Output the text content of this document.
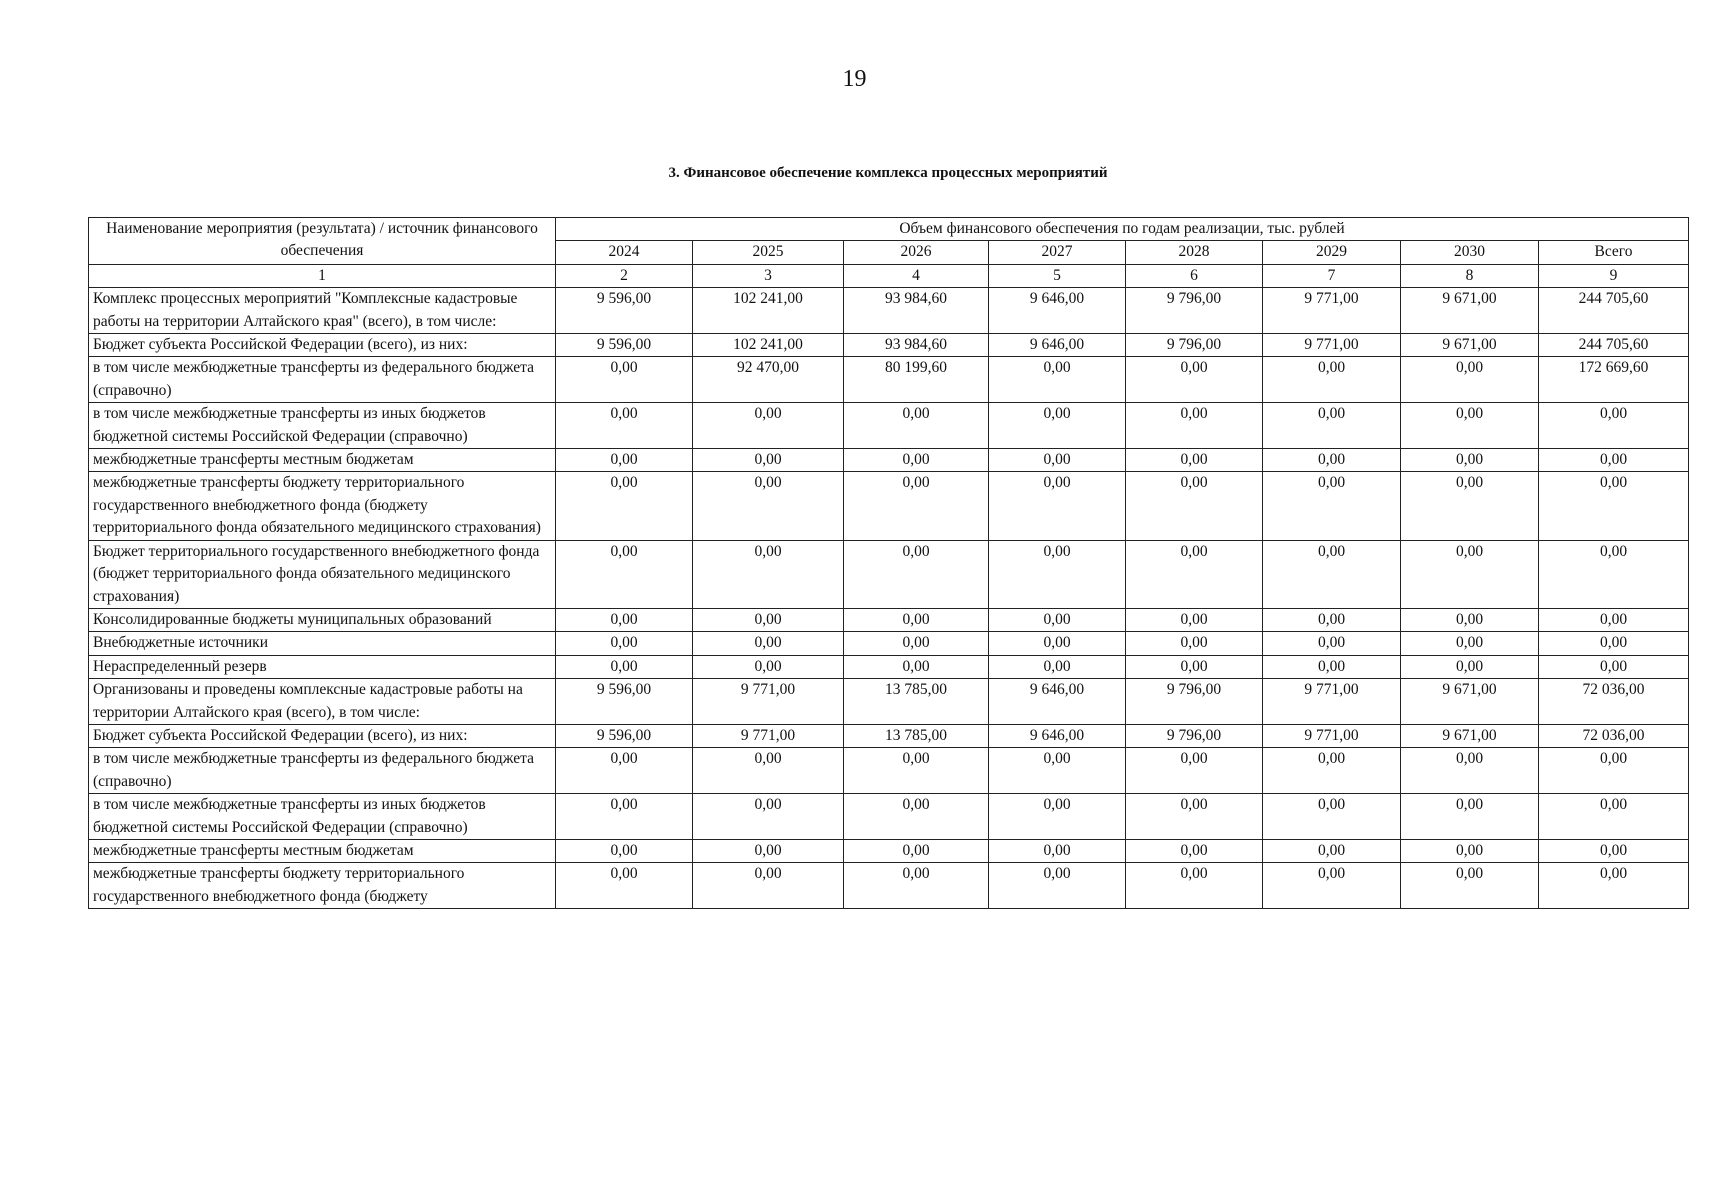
19
3. Финансовое обеспечение комплекса процессных мероприятий
Наименование мероприятия (результата) / источник финансового обеспечения	Объем финансового обеспечения по годам реализации, тыс. рублей							
	2024	2025	2026	2027	2028	2029	2030	Всего
1	2	3	4	5	6	7	8	9
Комплекс процессных мероприятий "Комплексные кадастровые работы на территории Алтайского края" (всего), в том числе:	9 596,00	102 241,00	93 984,60	9 646,00	9 796,00	9 771,00	9 671,00	244 705,60
Бюджет субъекта Российской Федерации (всего), из них:	9 596,00	102 241,00	93 984,60	9 646,00	9 796,00	9 771,00	9 671,00	244 705,60
в том числе межбюджетные трансферты из федерального бюджета (справочно)	0,00	92 470,00	80 199,60	0,00	0,00	0,00	0,00	172 669,60
в том числе межбюджетные трансферты из иных бюджетов бюджетной системы Российской Федерации (справочно)	0,00	0,00	0,00	0,00	0,00	0,00	0,00	0,00
межбюджетные трансферты местным бюджетам	0,00	0,00	0,00	0,00	0,00	0,00	0,00	0,00
межбюджетные трансферты бюджету территориального государственного внебюджетного фонда (бюджету территориального фонда обязательного медицинского страхования)	0,00	0,00	0,00	0,00	0,00	0,00	0,00	0,00
Бюджет территориального государственного внебюджетного фонда (бюджет территориального фонда обязательного медицинского страхования)	0,00	0,00	0,00	0,00	0,00	0,00	0,00	0,00
Консолидированные бюджеты муниципальных образований	0,00	0,00	0,00	0,00	0,00	0,00	0,00	0,00
Внебюджетные источники	0,00	0,00	0,00	0,00	0,00	0,00	0,00	0,00
Нераспределенный резерв	0,00	0,00	0,00	0,00	0,00	0,00	0,00	0,00
Организованы и проведены комплексные кадастровые работы на территории Алтайского края (всего), в том числе:	9 596,00	9 771,00	13 785,00	9 646,00	9 796,00	9 771,00	9 671,00	72 036,00
Бюджет субъекта Российской Федерации (всего), из них:	9 596,00	9 771,00	13 785,00	9 646,00	9 796,00	9 771,00	9 671,00	72 036,00
в том числе межбюджетные трансферты из федерального бюджета (справочно)	0,00	0,00	0,00	0,00	0,00	0,00	0,00	0,00
в том числе межбюджетные трансферты из иных бюджетов бюджетной системы Российской Федерации (справочно)	0,00	0,00	0,00	0,00	0,00	0,00	0,00	0,00
межбюджетные трансферты местным бюджетам	0,00	0,00	0,00	0,00	0,00	0,00	0,00	0,00
межбюджетные трансферты бюджету территориального государственного внебюджетного фонда (бюджету	0,00	0,00	0,00	0,00	0,00	0,00	0,00	0,00
